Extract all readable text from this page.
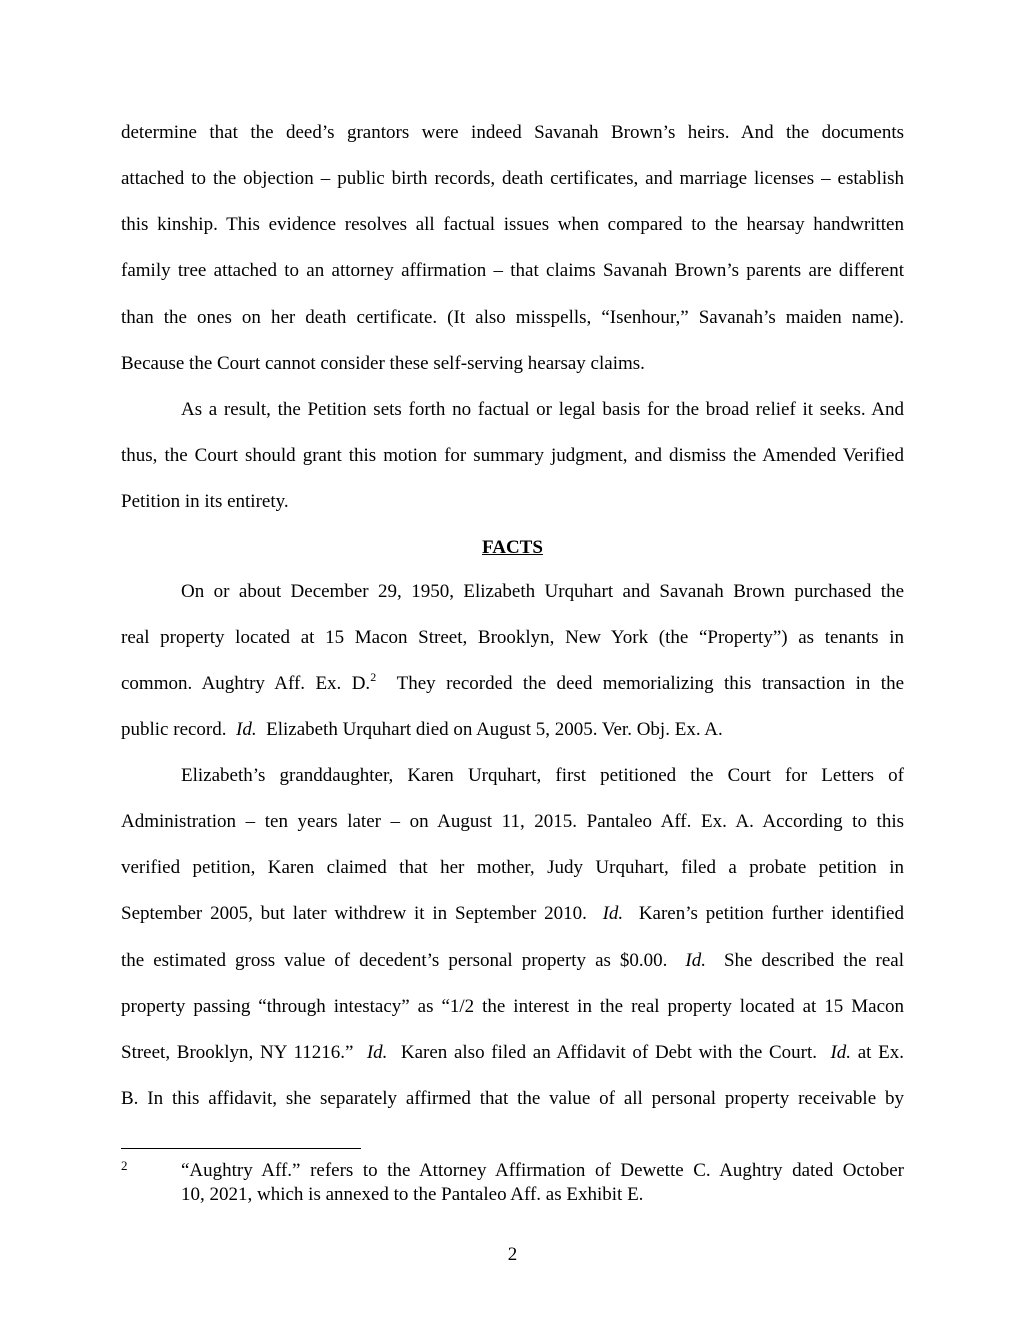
determine that the deed’s grantors were indeed Savanah Brown’s heirs. And the documents
attached to the objection – public birth records, death certificates, and marriage licenses – establish
this kinship. This evidence resolves all factual issues when compared to the hearsay handwritten
family tree attached to an attorney affirmation – that claims Savanah Brown’s parents are different
than the ones on her death certificate. (It also misspells, “Isenhour,” Savanah’s maiden name).
Because the Court cannot consider these self-serving hearsay claims.
As a result, the Petition sets forth no factual or legal basis for the broad relief it seeks. And
thus, the Court should grant this motion for summary judgment, and dismiss the Amended Verified
Petition in its entirety.
FACTS
On or about December 29, 1950, Elizabeth Urquhart and Savanah Brown purchased the
real property located at 15 Macon Street, Brooklyn, New York (the “Property”) as tenants in
common. Aughtry Aff. Ex. D.$^2$  They recorded the deed memorializing this transaction in the
public record.  Id.  Elizabeth Urquhart died on August 5, 2005. Ver. Obj. Ex. A.
Elizabeth’s granddaughter, Karen Urquhart, first petitioned the Court for Letters of
Administration – ten years later – on August 11, 2015. Pantaleo Aff. Ex. A. According to this
verified petition, Karen claimed that her mother, Judy Urquhart, filed a probate petition in
September 2005, but later withdrew it in September 2010.  Id.  Karen’s petition further identified
the estimated gross value of decedent’s personal property as $0.00.  Id.  She described the real
property passing “through intestacy” as “1/2 the interest in the real property located at 15 Macon
Street, Brooklyn, NY 11216.”  Id.  Karen also filed an Affidavit of Debt with the Court.  Id. at Ex.
B. In this affidavit, she separately affirmed that the value of all personal property receivable by
2	“Aughtry Aff.” refers to the Attorney Affirmation of Dewette C. Aughtry dated October
10, 2021, which is annexed to the Pantaleo Aff. as Exhibit E.
2
